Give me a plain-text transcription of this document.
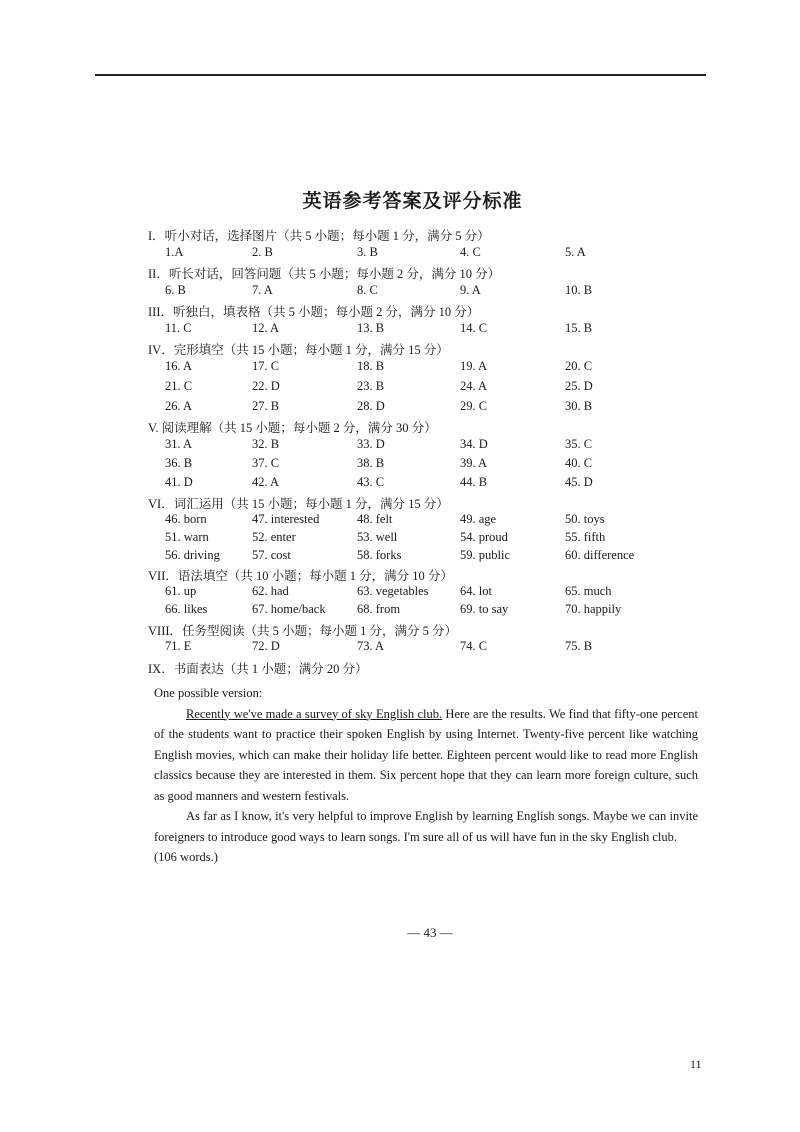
英语参考答案及评分标准
I．听小对话，选择图片（共 5 小题；每小题 1 分，满分 5 分）
1.A	2. B	3. B	4. C	5. A
II．听长对话，回答问题（共 5 小题；每小题 2 分，满分 10 分）
6. B	7. A	8. C	9. A	10. B
III．听独白，填表格（共 5 小题；每小题 2 分，满分 10 分）
11. C	12. A	13. B	14. C	15. B
IV．完形填空（共 15 小题；每小题 1 分，满分 15 分）
16. A	17. C	18. B	19. A	20. C
21. C	22. D	23. B	24. A	25. D
26. A	27. B	28. D	29. C	30. B
V. 阅读理解（共 15 小题；每小题 2 分，满分 30 分）
31. A	32. B	33. D	34. D	35. C
36. B	37. C	38. B	39. A	40. C
41. D	42. A	43. C	44. B	45. D
VI．词汇运用（共 15 小题；每小题 1 分，满分 15 分）
46. born	47. interested	48. felt	49. age	50. toys
51. warn	52. enter	53. well	54. proud	55. fifth
56. driving	57. cost	58. forks	59. public	60. difference
VII．语法填空（共 10 小题；每小题 1 分，满分 10 分）
61. up	62. had	63. vegetables	64. lot	65. much
66. likes	67. home/back	68. from	69. to say	70. happily
VIII．任务型阅读（共 5 小题；每小题 1 分，满分 5 分）
71. E	72. D	73. A	74. C	75. B
IX．书面表达（共 1 小题；满分 20 分）

One possible version:

Recently we've made a survey of sky English club. Here are the results. We find that fifty-one percent of the students want to practice their spoken English by using Internet. Twenty-five percent like watching English movies, which can make their holiday life better. Eighteen percent would like to read more English classics because they are interested in them. Six percent hope that they can learn more foreign culture, such as good manners and western festivals.

As far as I know, it's very helpful to improve English by learning English songs. Maybe we can invite foreigners to introduce good ways to learn songs. I'm sure all of us will have fun in the sky English club.

(106 words.)

— 43 —
11
